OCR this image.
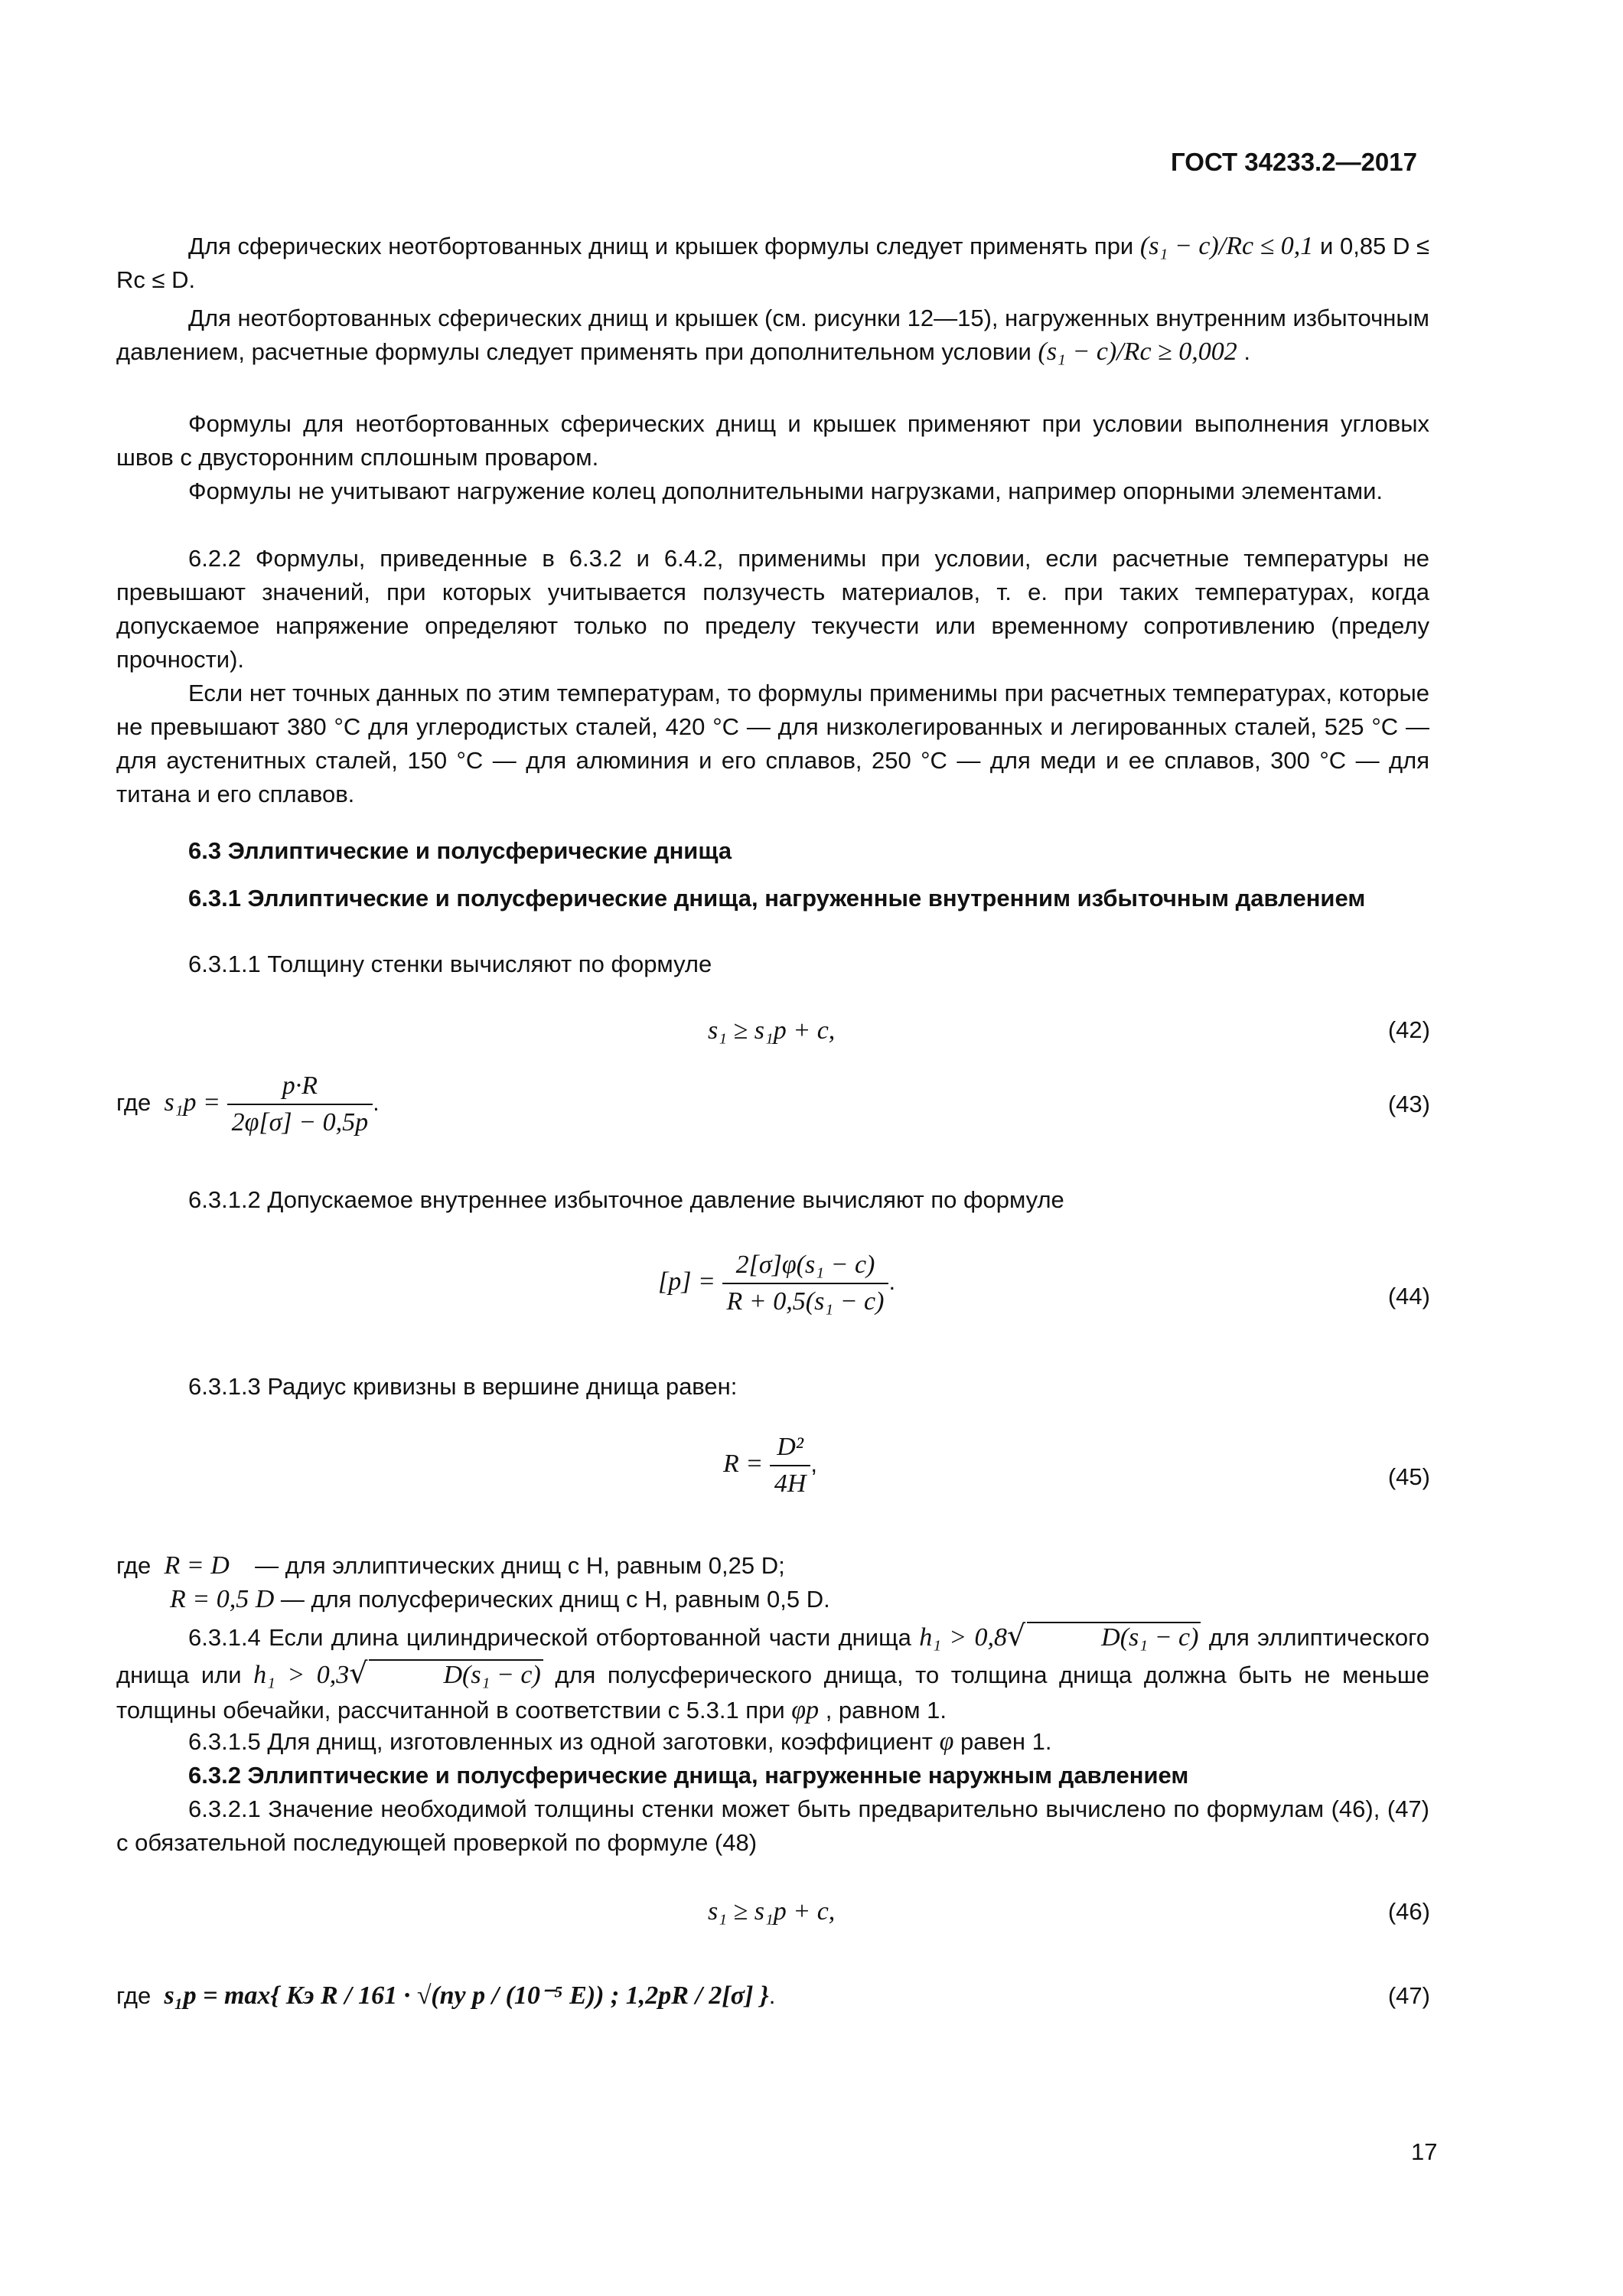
ГОСТ 34233.2—2017
Для сферических неотбортованных днищ и крышек формулы следует применять при (s₁ − c)/Rc ≤ 0,1 и 0,85 D ≤ Rc ≤ D.
Для неотбортованных сферических днищ и крышек (см. рисунки 12—15), нагруженных внутренним избыточным давлением, расчетные формулы следует применять при дополнительном условии (s₁ − c)/Rc ≥ 0,002 .
Формулы для неотбортованных сферических днищ и крышек применяют при условии выполнения угловых швов с двусторонним сплошным проваром.
Формулы не учитывают нагружение колец дополнительными нагрузками, например опорными элементами.
6.2.2 Формулы, приведенные в 6.3.2 и 6.4.2, применимы при условии, если расчетные температуры не превышают значений, при которых учитывается ползучесть материалов, т. е. при таких температурах, когда допускаемое напряжение определяют только по пределу текучести или временному сопротивлению (пределу прочности).
Если нет точных данных по этим температурам, то формулы применимы при расчетных температурах, которые не превышают 380 °С для углеродистых сталей, 420 °С — для низколегированных и легированных сталей, 525 °С — для аустенитных сталей, 150 °С — для алюминия и его сплавов, 250 °С — для меди и ее сплавов, 300 °С — для титана и его сплавов.
6.3 Эллиптические и полусферические днища
6.3.1 Эллиптические и полусферические днища, нагруженные внутренним избыточным давлением
6.3.1.1 Толщину стенки вычисляют по формуле
s₁ ≥ s₁p + c,	(42)
где $s_1p = \frac{p\cdot R}{2\varphi[\sigma] - 0,5p}$ .	(43)
6.3.1.2 Допускаемое внутреннее избыточное давление вычисляют по формуле
$[p] = \frac{\text{2[σ]φ(s₁ − c)}}{\text{R + 0,5(s₁ − c)}}$ .
(44)
6.3.1.3 Радиус кривизны в вершине днища равен:
$R = \frac{\text{D²}}{4H}$ ,	(45)
где R = D — для эллиптических днищ с H, равным 0,25 D;
R = 0,5 D — для полусферических днищ с H, равным 0,5 D.
6.3.1.4 Если длина цилиндрической отбортованной части днища h₁ > 0,8√	D(s₁ − c) для эллиптического днища или h₁ > 0,3√	D(s₁ − c) для полусферического днища, то толщина днища должна быть не меньше толщины обечайки, рассчитанной в соответствии с 5.3.1 при φp , равном 1.
6.3.1.5 Для днищ, изготовленных из одной заготовки, коэффициент φ равен 1.
6.3.2 Эллиптические и полусферические днища, нагруженные наружным давлением
6.3.2.1 Значение необходимой толщины стенки может быть предварительно вычислено по формулам (46), (47) с обязательной последующей проверкой по формуле (48)
s₁ ≥ s₁p + c,	(46)
где s₁p = max{ Kэ R / 161 · √(ny p / (10⁻⁵ E)) ; 1,2pR / 2[σ] }.	(47)
17
